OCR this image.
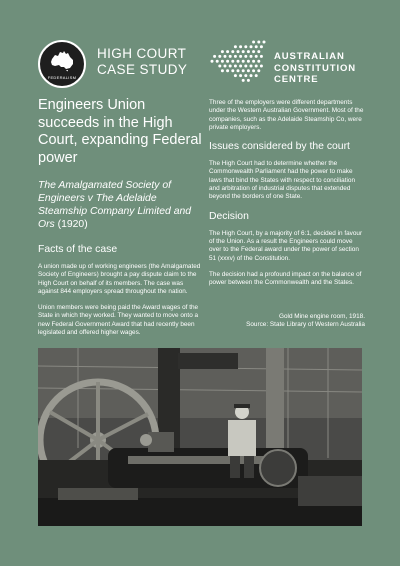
FEDERALISM
HIGH COURT
CASE STUDY
AUSTRALIAN
CONSTITUTION
CENTRE
Engineers Union succeeds in the High Court, expanding Federal power
The Amalgamated Society of Engineers v The Adelaide Steamship Company Limited and Ors (1920)
Facts of the case

A union made up of working engineers (the Amalgamated Society of Engineers) brought a pay dispute claim to the High Court on behalf of its members. The case was against 844 employers spread throughout the nation.

Union members were being paid the Award wages of the State in which they worked. They wanted to move onto a new Federal Government Award that had recently been legislated and offered higher wages.

Three of the employers were different departments under the Western Australian Government. Most of the companies, such as the Adelaide Steamship Co, were private employers.

Issues considered by the court

The High Court had to determine whether the Commonwealth Parliament had the power to make laws that bind the States with respect to conciliation and arbitration of industrial disputes that extended beyond the borders of one State.

Decision

The High Court, by a majority of 6:1, decided in favour of the Union. As a result the Engineers could move over to the Federal award under the power of section 51 (xxxv) of the Constitution.

The decision had a profound impact on the balance of power between the Commonwealth and the States.

Gold Mine engine room, 1918.
Source: State Library of Western Australia
